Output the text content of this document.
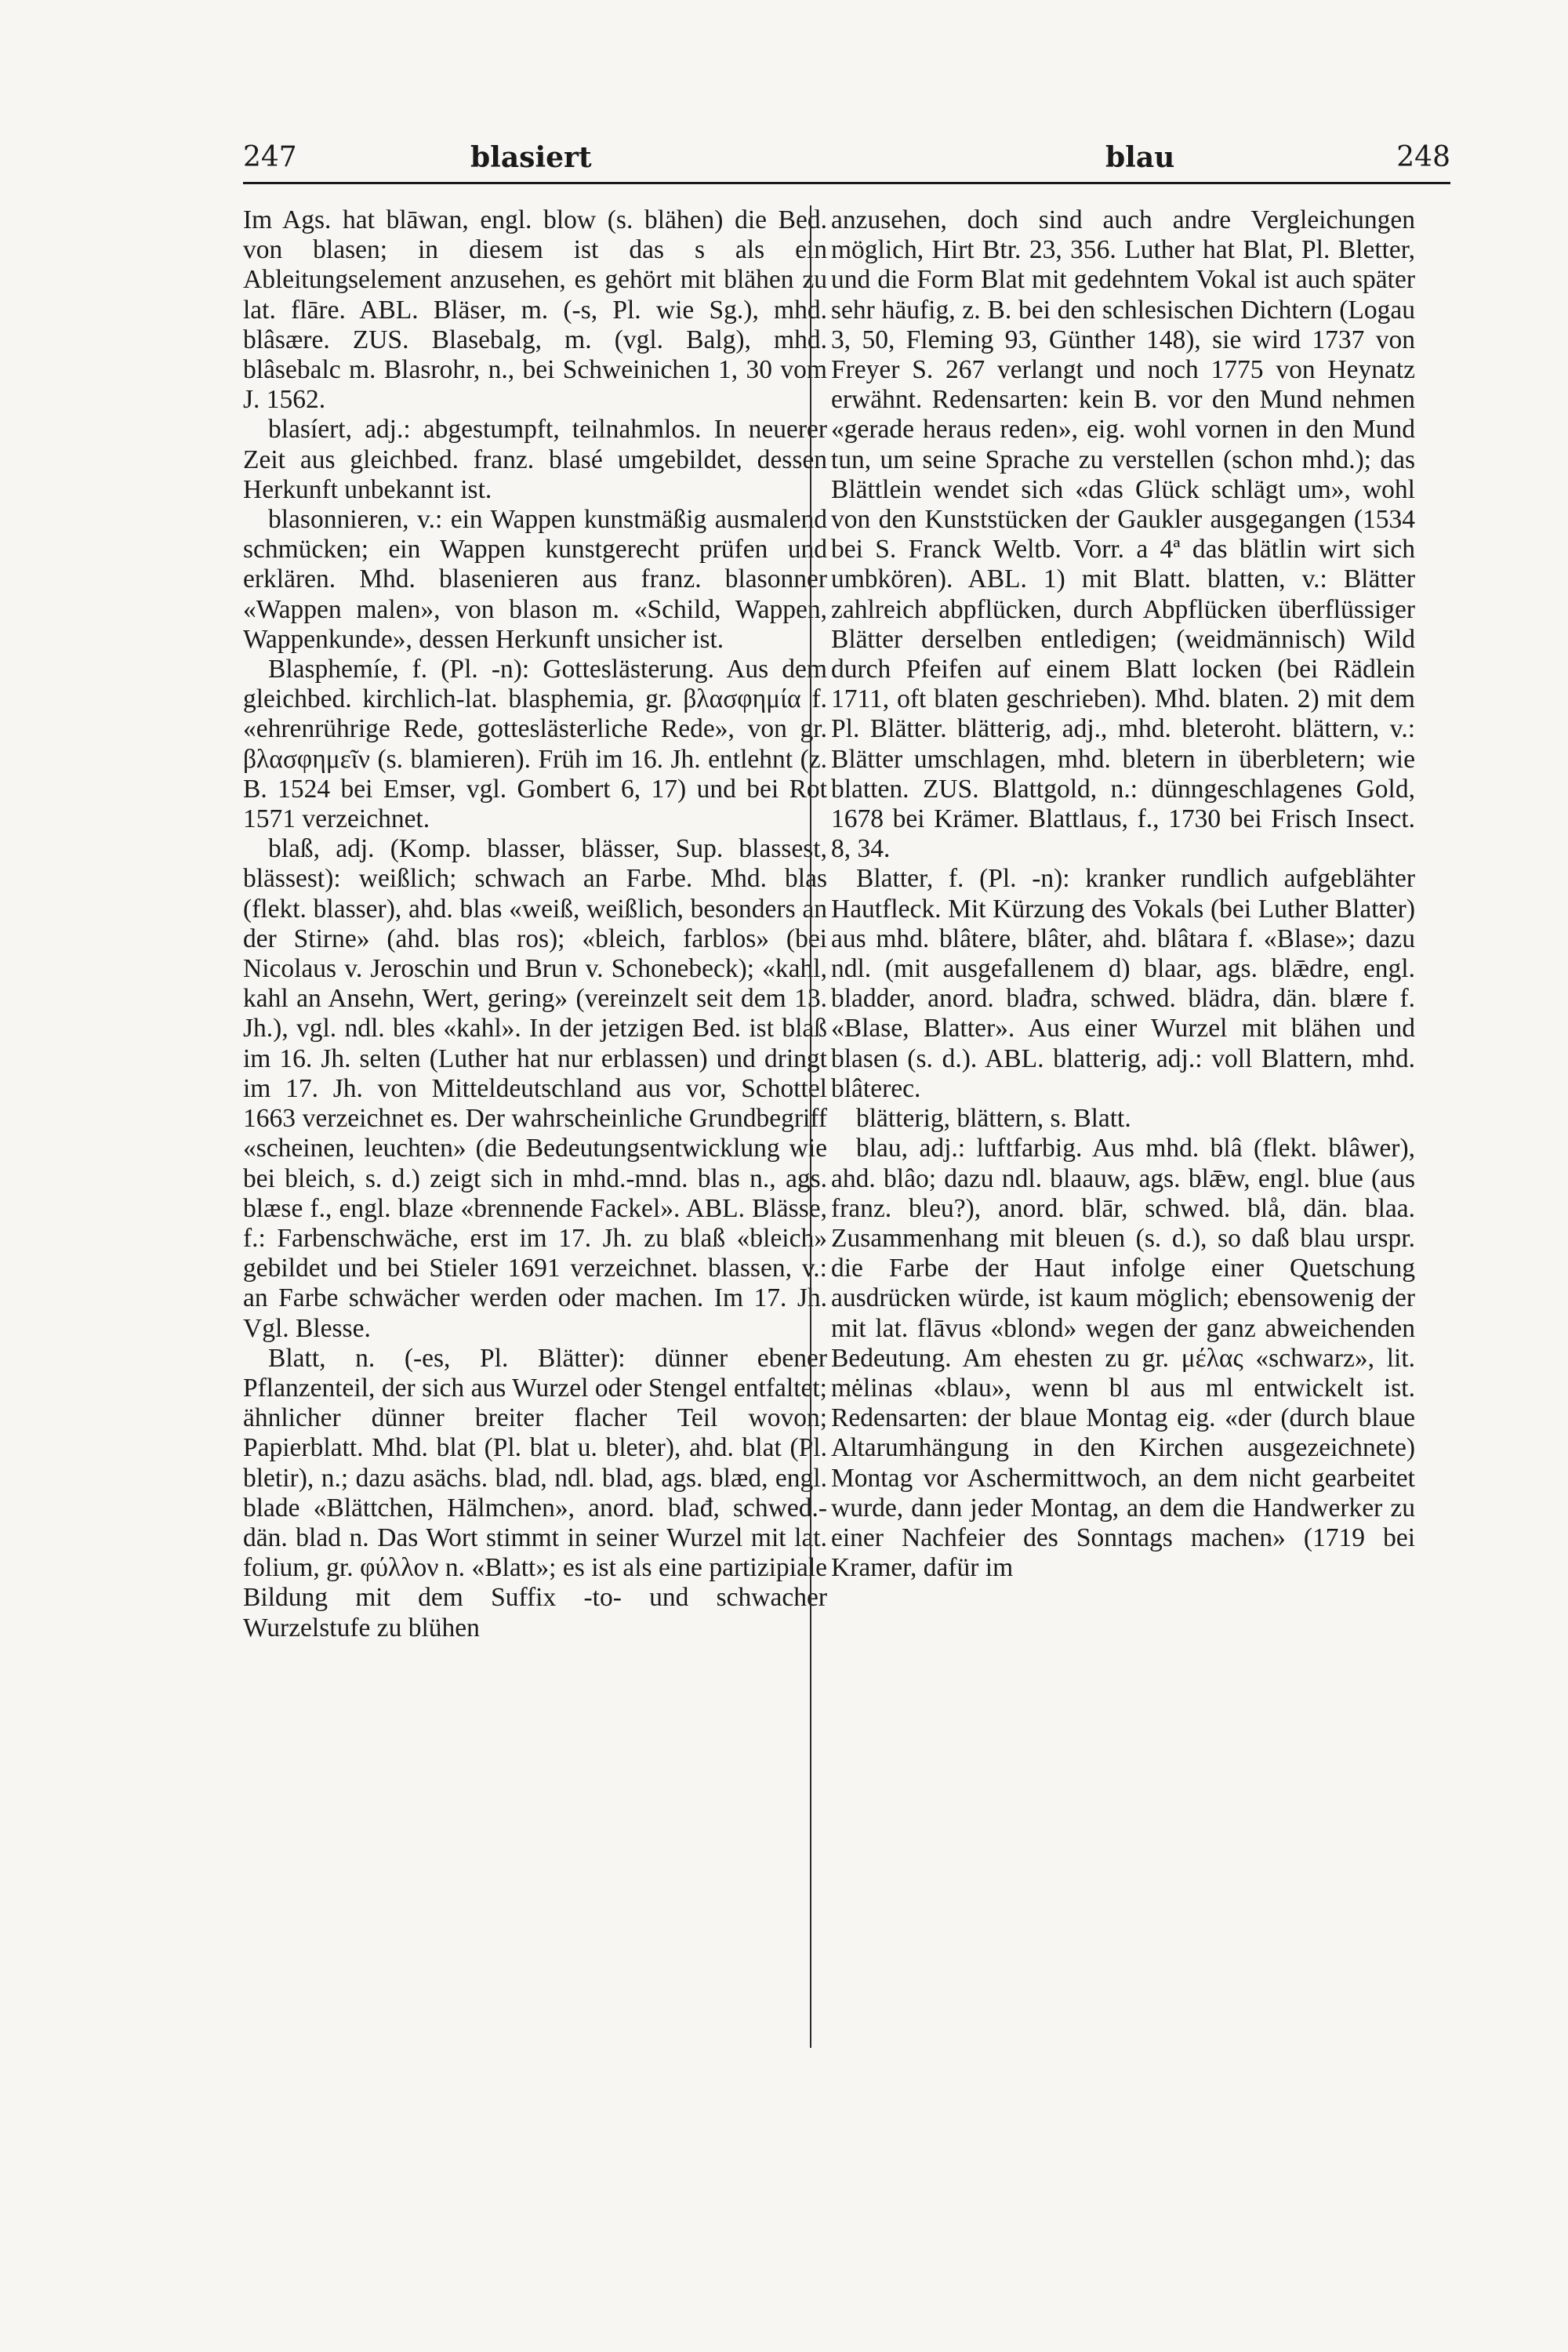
247	blasiert	blau	248

Im Ags. hat blāwan, engl. blow (s. blähen) die Bed. von blasen; in diesem ist das s als ein Ableitungselement anzusehen, es gehört mit blähen zu lat. flāre. ABL. Bläser, m. (-s, Pl. wie Sg.), mhd. blâsære. ZUS. Blasebalg, m. (vgl. Balg), mhd. blâsebalc m. Blasrohr, n., bei Schweinichen 1, 30 vom J. 1562.

blasíert, adj.: abgestumpft, teilnahmlos. In neuerer Zeit aus gleichbed. franz. blasé umgebildet, dessen Herkunft unbekannt ist.

blasonnieren, v.: ein Wappen kunstmäßig ausmalend schmücken; ein Wappen kunstgerecht prüfen und erklären. Mhd. blasenieren aus franz. blasonner «Wappen malen», von blason m. «Schild, Wappen, Wappenkunde», dessen Herkunft unsicher ist.

Blasphemíe, f. (Pl. -n): Gotteslästerung. Aus dem gleichbed. kirchlich-lat. blasphemia, gr. βλασφημία f. «ehrenrührige Rede, gotteslästerliche Rede», von gr. βλασφημεῖν (s. blamieren). Früh im 16. Jh. entlehnt (z. B. 1524 bei Emser, vgl. Gombert 6, 17) und bei Rot 1571 verzeichnet.

blaß, adj. (Komp. blasser, blässer, Sup. blassest, blässest): weißlich; schwach an Farbe. Mhd. blas (flekt. blasser), ahd. blas «weiß, weißlich, besonders an der Stirne» (ahd. blas ros); «bleich, farblos» (bei Nicolaus v. Jeroschin und Brun v. Schonebeck); «kahl, kahl an Ansehn, Wert, gering» (vereinzelt seit dem 13. Jh.), vgl. ndl. bles «kahl». In der jetzigen Bed. ist blaß im 16. Jh. selten (Luther hat nur erblassen) und dringt im 17. Jh. von Mitteldeutschland aus vor, Schottel 1663 verzeichnet es. Der wahrscheinliche Grundbegriff «scheinen, leuchten» (die Bedeutungsentwicklung wie bei bleich, s. d.) zeigt sich in mhd.-mnd. blas n., ags. blæse f., engl. blaze «brennende Fackel». ABL. Blässe, f.: Farbenschwäche, erst im 17. Jh. zu blaß «bleich» gebildet und bei Stieler 1691 verzeichnet. blassen, v.: an Farbe schwächer werden oder machen. Im 17. Jh. Vgl. Blesse.

Blatt, n. (-es, Pl. Blätter): dünner ebener Pflanzenteil, der sich aus Wurzel oder Stengel entfaltet; ähnlicher dünner breiter flacher Teil wovon; Papierblatt. Mhd. blat (Pl. blat u. bleter), ahd. blat (Pl. bletir), n.; dazu asächs. blad, ndl. blad, ags. blæd, engl. blade «Blättchen, Hälmchen», anord. blađ, schwed.-dän. blad n. Das Wort stimmt in seiner Wurzel mit lat. folium, gr. φύλλον n. «Blatt»; es ist als eine partizipiale Bildung mit dem Suffix -to- und schwacher Wurzelstufe zu blühen

anzusehen, doch sind auch andre Vergleichungen möglich, Hirt Btr. 23, 356. Luther hat Blat, Pl. Bletter, und die Form Blat mit gedehntem Vokal ist auch später sehr häufig, z. B. bei den schlesischen Dichtern (Logau 3, 50, Fleming 93, Günther 148), sie wird 1737 von Freyer S. 267 verlangt und noch 1775 von Heynatz erwähnt. Redensarten: kein B. vor den Mund nehmen «gerade heraus reden», eig. wohl vornen in den Mund tun, um seine Sprache zu verstellen (schon mhd.); das Blättlein wendet sich «das Glück schlägt um», wohl von den Kunststücken der Gaukler ausgegangen (1534 bei S. Franck Weltb. Vorr. a 4ª das blätlin wirt sich umbkören). ABL. 1) mit Blatt. blatten, v.: Blätter zahlreich abpflücken, durch Abpflücken überflüssiger Blätter derselben entledigen; (weidmännisch) Wild durch Pfeifen auf einem Blatt locken (bei Rädlein 1711, oft blaten geschrieben). Mhd. blaten. 2) mit dem Pl. Blätter. blätterig, adj., mhd. bleteroht. blättern, v.: Blätter umschlagen, mhd. bletern in überbletern; wie blatten. ZUS. Blattgold, n.: dünngeschlagenes Gold, 1678 bei Krämer. Blattlaus, f., 1730 bei Frisch Insect. 8, 34.

Blatter, f. (Pl. -n): kranker rundlich aufgeblähter Hautfleck. Mit Kürzung des Vokals (bei Luther Blatter) aus mhd. blâtere, blâter, ahd. blâtara f. «Blase»; dazu ndl. (mit ausgefallenem d) blaar, ags. blǣdre, engl. bladder, anord. blađra, schwed. blädra, dän. blære f. «Blase, Blatter». Aus einer Wurzel mit blähen und blasen (s. d.). ABL. blatterig, adj.: voll Blattern, mhd. blâterec.

blätterig, blättern, s. Blatt.

blau, adj.: luftfarbig. Aus mhd. blâ (flekt. blâwer), ahd. blâo; dazu ndl. blaauw, ags. blǣw, engl. blue (aus franz. bleu?), anord. blār, schwed. blå, dän. blaa. Zusammenhang mit bleuen (s. d.), so daß blau urspr. die Farbe der Haut infolge einer Quetschung ausdrücken würde, ist kaum möglich; ebensowenig der mit lat. flāvus «blond» wegen der ganz abweichenden Bedeutung. Am ehesten zu gr. μέλας «schwarz», lit. mėlinas «blau», wenn bl aus ml entwickelt ist. Redensarten: der blaue Montag eig. «der (durch blaue Altarumhängung in den Kirchen ausgezeichnete) Montag vor Aschermittwoch, an dem nicht gearbeitet wurde, dann jeder Montag, an dem die Handwerker zu einer Nachfeier des Sonntags machen» (1719 bei Kramer, dafür im
